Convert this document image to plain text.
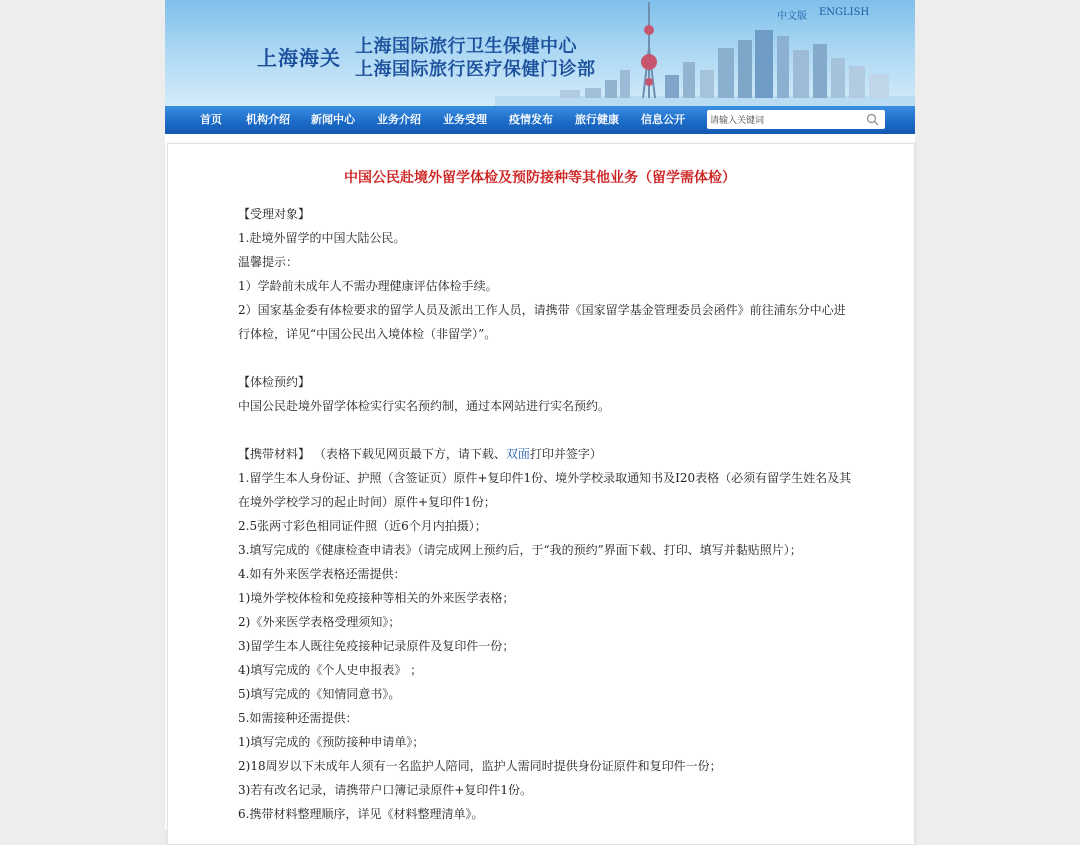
上海海关 上海国际旅行卫生保健中心
上海国际旅行医疗保健门诊部
中文版 ENGLISH
首页 机构介绍 新闻中心 业务介绍 业务受理 疫情发布 旅行健康 信息公开
请输入关键词
中国公民赴境外留学体检及预防接种等其他业务（留学需体检）
【受理对象】
1.赴境外留学的中国大陆公民。
温馨提示：
1）学龄前未成年人不需办理健康评估体检手续。
2）国家基金委有体检要求的留学人员及派出工作人员，请携带《国家留学基金管理委员会函件》前往浦东分中心进
行体检，详见“中国公民出入境体检（非留学）”。
【体检预约】
中国公民赴境外留学体检实行实名预约制，通过本网站进行实名预约。
【携带材料】 （表格下载见网页最下方，请下载、双面打印并签字）
1.留学生本人身份证、护照（含签证页）原件+复印件1份、境外学校录取通知书及I20表格（必须有留学生姓名及其
在境外学校学习的起止时间）原件+复印件1份；
2.5张两寸彩色相同证件照（近6个月内拍摄）；
3.填写完成的《健康检查申请表》（请完成网上预约后，于“我的预约”界面下载、打印、填写并黏贴照片）；
4.如有外来医学表格还需提供：
1)境外学校体检和免疫接种等相关的外来医学表格；
2)《外来医学表格受理须知》；
3)留学生本人既往免疫接种记录原件及复印件一份；
4)填写完成的《个人史申报表》 ；
5)填写完成的《知情同意书》。
5.如需接种还需提供：
1)填写完成的《预防接种申请单》；
2)18周岁以下未成年人须有一名监护人陪同，监护人需同时提供身份证原件和复印件一份；
3)若有改名记录，请携带户口簿记录原件+复印件1份。
6.携带材料整理顺序，详见《材料整理清单》。
